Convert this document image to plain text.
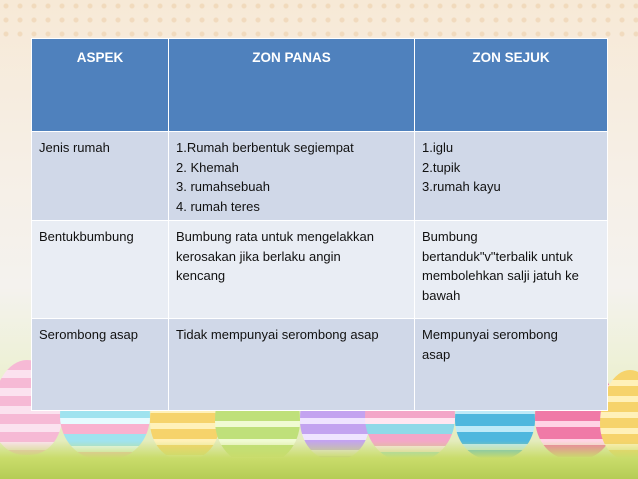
ASPEK	ZON PANAS	ZON SEJUK
Jenis rumah	1.Rumah berbentuk segiempat
2. Khemah
3. rumahsebuah
4. rumah teres	1.iglu
2.tupik
3.rumah kayu

Bentukbumbung	Bumbung rata untuk mengelakkan
kerosakan jika berlaku angin
kencang	Bumbung
bertanduk"v"terbalik untuk
membolehkan salji jatuh ke
bawah

Serombong asap	Tidak mempunyai serombong asap	Mempunyai serombong
asap
